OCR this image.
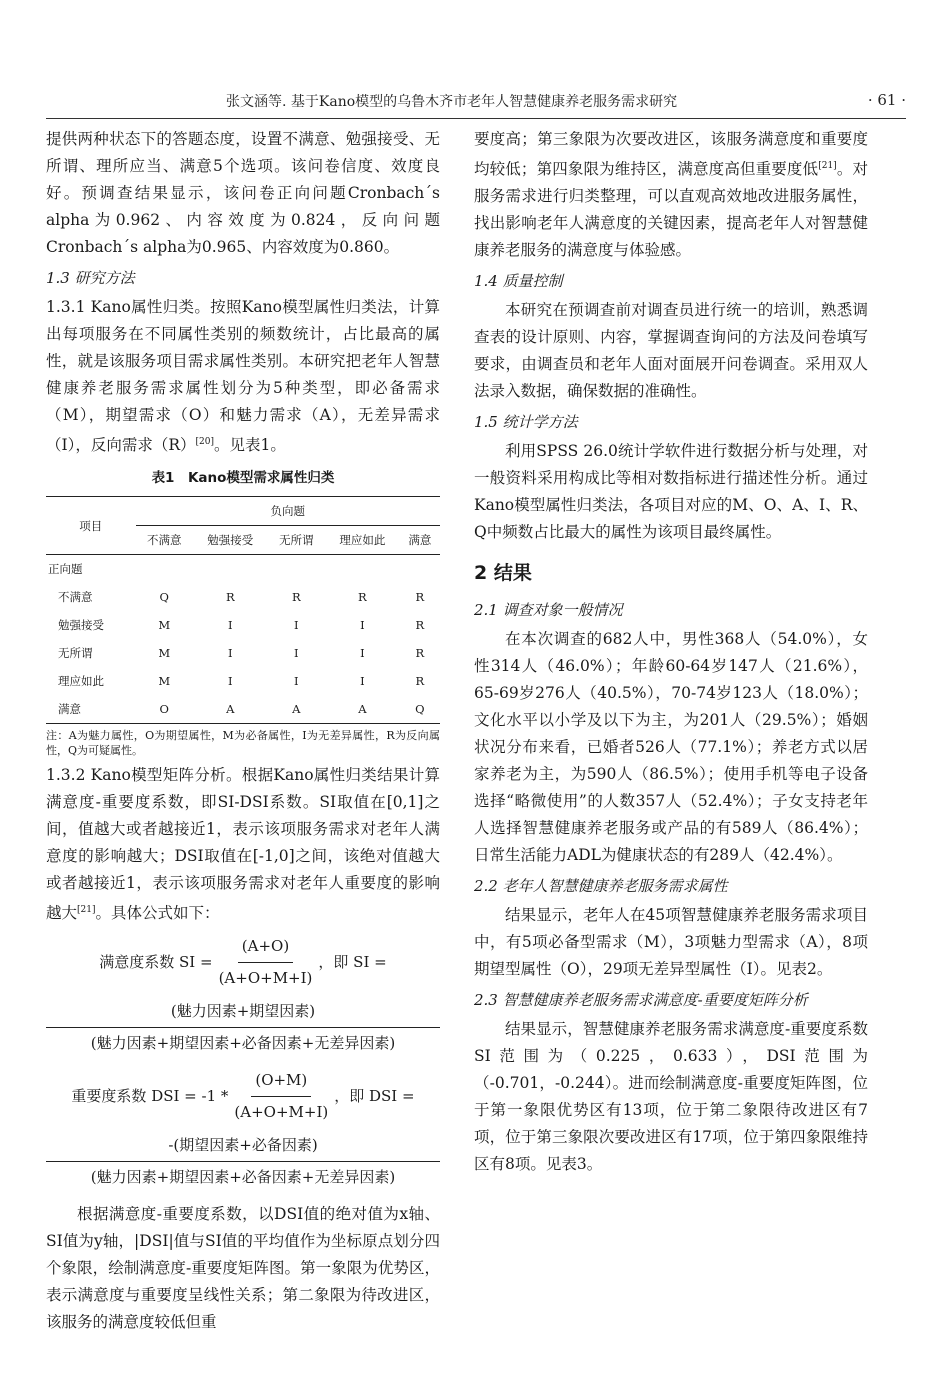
张文涵等. 基于Kano模型的乌鲁木齐市老年人智慧健康养老服务需求研究	· 61 ·

提供两种状态下的答题态度，设置不满意、勉强接受、无所谓、理所应当、满意5个选项。该问卷信度、效度良好。预调查结果显示，该问卷正向问题Cronbach´s alpha为0.962、内容效度为0.824，反向问题Cronbach´s alpha为0.965、内容效度为0.860。

1.3 研究方法

1.3.1 Kano属性归类。按照Kano模型属性归类法，计算出每项服务在不同属性类别的频数统计，占比最高的属性，就是该服务项目需求属性类别。本研究把老年人智慧健康养老服务需求属性划分为5种类型，即必备需求（M），期望需求（O）和魅力需求（A），无差异需求（I），反向需求（R）[20]。见表1。

表1　Kano模型需求属性归类
项目	负向题				
	不满意	勉强接受	无所谓	理应如此	满意
正向题					
不满意	Q	R	R	R	R
勉强接受	M	I	I	I	R
无所谓	M	I	I	I	R
理应如此	M	I	I	I	R
满意	O	A	A	A	Q
注：A为魅力属性，O为期望属性，M为必备属性，I为无差异属性，R为反向属性，Q为可疑属性。

1.3.2 Kano模型矩阵分析。根据Kano属性归类结果计算满意度-重要度系数，即SI-DSI系数。SI取值在[0,1]之间，值越大或者越接近1，表示该项服务需求对老年人满意度的影响越大；DSI取值在[-1,0]之间，该绝对值越大或者越接近1，表示该项服务需求对老年人重要度的影响越大[21]。具体公式如下：

满意度系数 SI = $\frac{(A+O)}{(A+O+M+I)}$ ，即 SI =
(魅力因素+期望因素)
(魅力因素+期望因素+必备因素+无差异因素)
重要度系数 DSI = $-1 * \frac{(O+M)}{(A+O+M+I)}$ ，即 DSI =
-(期望因素+必备因素)
(魅力因素+期望因素+必备因素+无差异因素)

根据满意度-重要度系数，以DSI值的绝对值为x轴、SI值为y轴，|DSI|值与SI值的平均值作为坐标原点划分四个象限，绘制满意度-重要度矩阵图。第一象限为优势区，表示满意度与重要度呈线性关系；第二象限为待改进区，该服务的满意度较低但重

要度高；第三象限为次要改进区，该服务满意度和重要度均较低；第四象限为维持区，满意度高但重要度低[21]。对服务需求进行归类整理，可以直观高效地改进服务属性，找出影响老年人满意度的关键因素，提高老年人对智慧健康养老服务的满意度与体验感。

1.4 质量控制

本研究在预调查前对调查员进行统一的培训，熟悉调查表的设计原则、内容，掌握调查询问的方法及问卷填写要求，由调查员和老年人面对面展开问卷调查。采用双人法录入数据，确保数据的准确性。

1.5 统计学方法

利用SPSS 26.0统计学软件进行数据分析与处理，对一般资料采用构成比等相对数指标进行描述性分析。通过Kano模型属性归类法，各项目对应的M、O、A、I、R、Q中频数占比最大的属性为该项目最终属性。

2 结果
2.1 调查对象一般情况

在本次调查的682人中，男性368人（54.0%），女性314人（46.0%）；年龄60-64岁147人（21.6%），65-69岁276人（40.5%），70-74岁123人（18.0%）；文化水平以小学及以下为主，为201人（29.5%）；婚姻状况分布来看，已婚者526人（77.1%）；养老方式以居家养老为主，为590人（86.5%）；使用手机等电子设备选择“略微使用”的人数357人（52.4%）；子女支持老年人选择智慧健康养老服务或产品的有589人（86.4%）；日常生活能力ADL为健康状态的有289人（42.4%）。

2.2 老年人智慧健康养老服务需求属性

结果显示，老年人在45项智慧健康养老服务需求项目中，有5项必备型需求（M），3项魅力型需求（A），8项期望型属性（O），29项无差异型属性（I）。见表2。

2.3 智慧健康养老服务需求满意度-重要度矩阵分析

结果显示，智慧健康养老服务需求满意度-重要度系数SI范围为（0.225，0.633），DSI范围为（-0.701，-0.244）。进而绘制满意度-重要度矩阵图，位于第一象限优势区有13项，位于第二象限待改进区有7项，位于第三象限次要改进区有17项，位于第四象限维持区有8项。见表3。
